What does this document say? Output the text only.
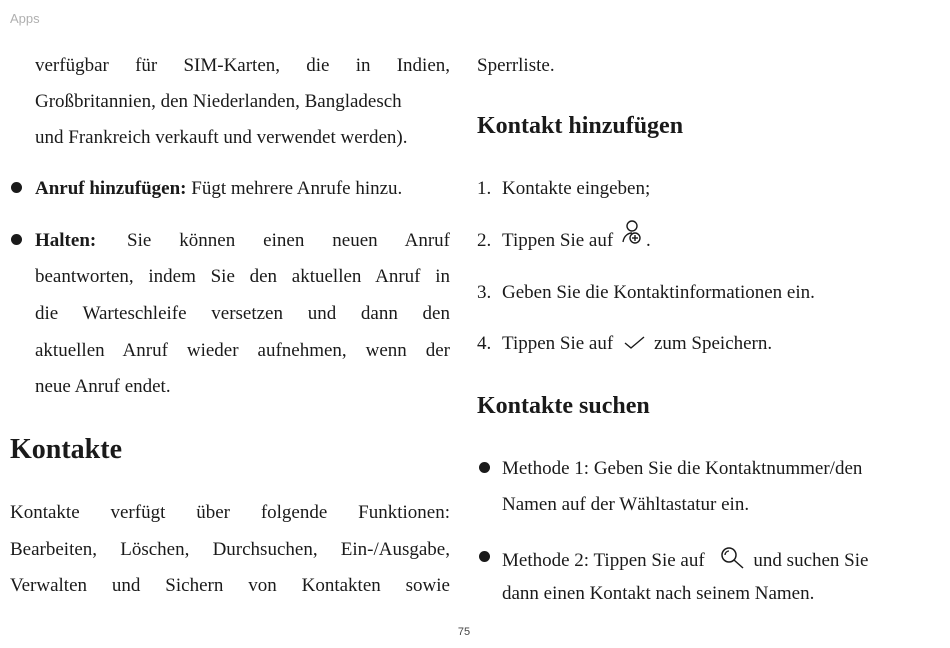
Apps
verfügbar für SIM-Karten, die in Indien,
Großbritannien, den Niederlanden, Bangladesch
und Frankreich verkauft und verwendet werden).
Anruf hinzufügen: Fügt mehrere Anrufe hinzu.
Halten: Sie können einen neuen Anruf
beantworten, indem Sie den aktuellen Anruf in
die Warteschleife versetzen und dann den
aktuellen Anruf wieder aufnehmen, wenn der
neue Anruf endet.
Kontakte
Kontakte verfügt über folgende Funktionen:
Bearbeiten, Löschen, Durchsuchen, Ein-/Ausgabe,
Verwalten und Sichern von Kontakten sowie
Sperrliste.
Kontakt hinzufügen
1. Kontakte eingeben;
2. Tippen Sie auf .
3. Geben Sie die Kontaktinformationen ein.
4. Tippen Sie auf zum Speichern.
Kontakte suchen
Methode 1: Geben Sie die Kontaktnummer/den
Namen auf der Wähltastatur ein.
Methode 2: Tippen Sie auf	und suchen Sie
dann einen Kontakt nach seinem Namen.
75
